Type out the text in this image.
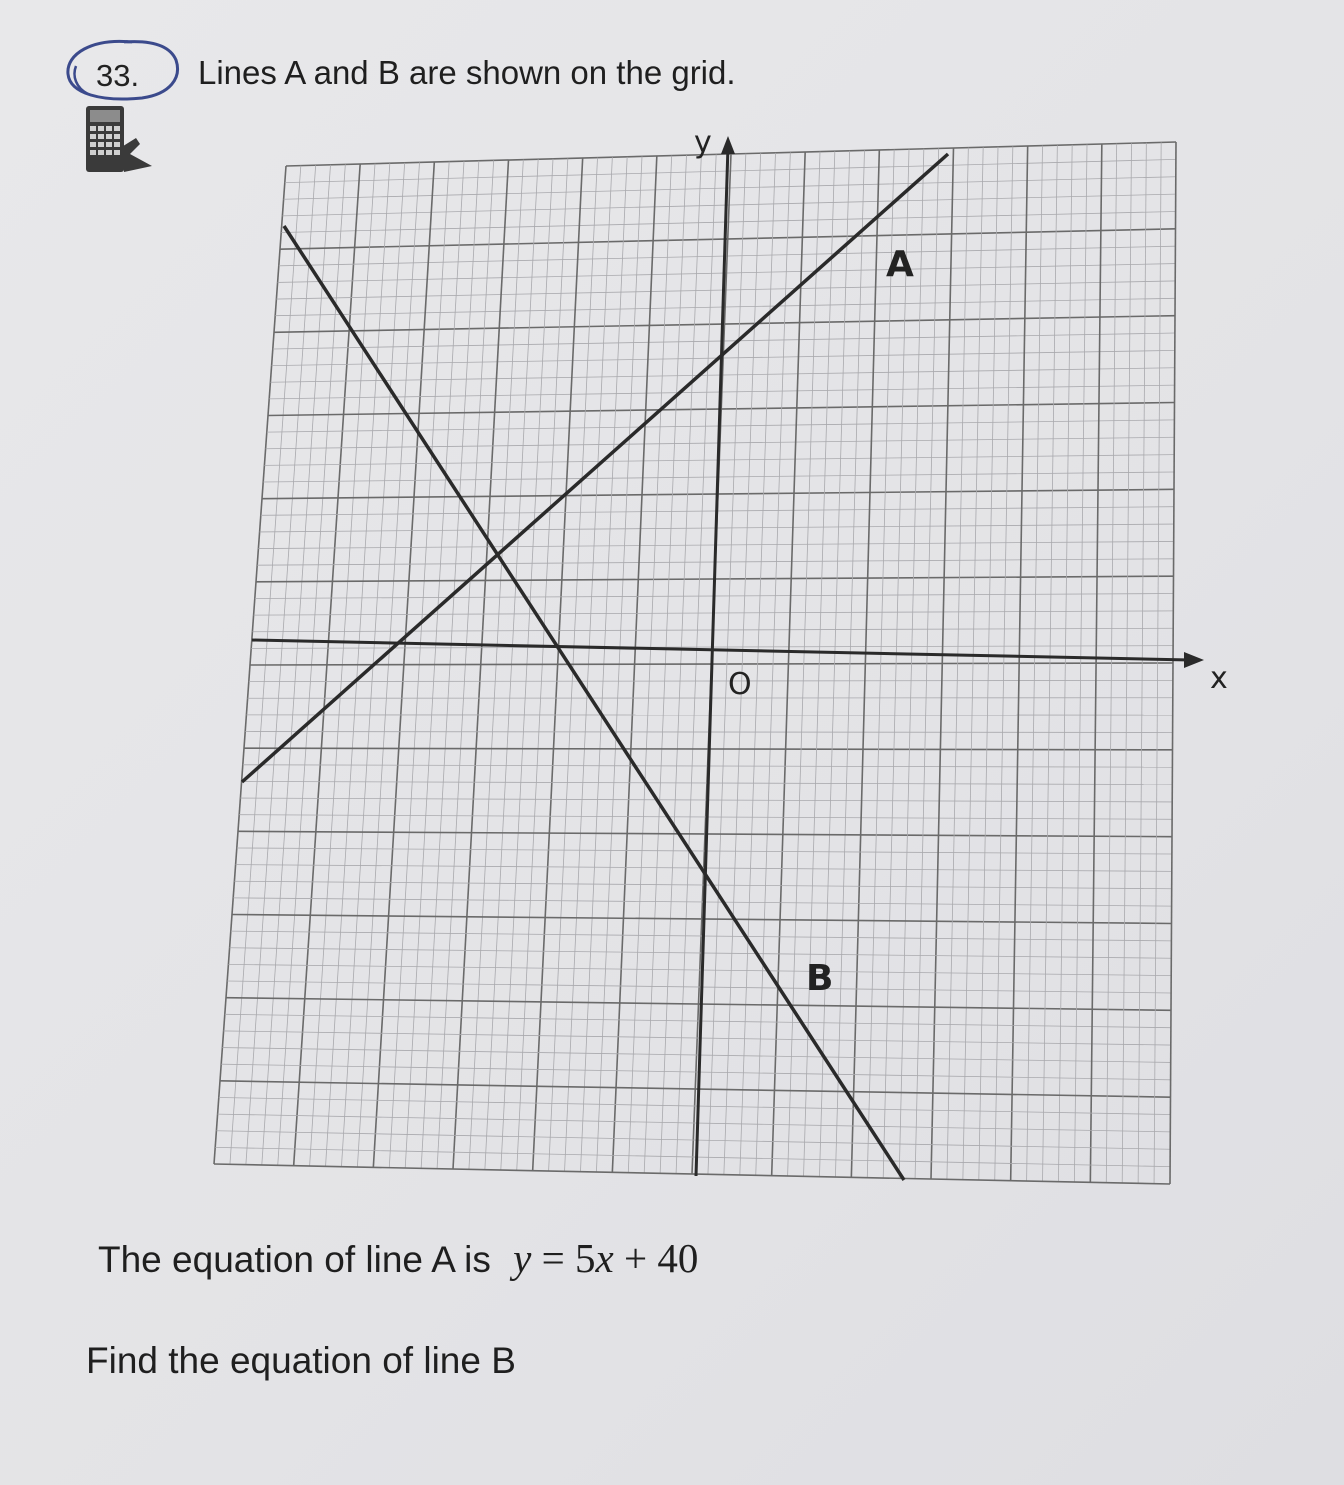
33. Lines A and B are shown on the grid.
y
x
O
A
B
The equation of line A is y = 5x + 40
Find the equation of line B
